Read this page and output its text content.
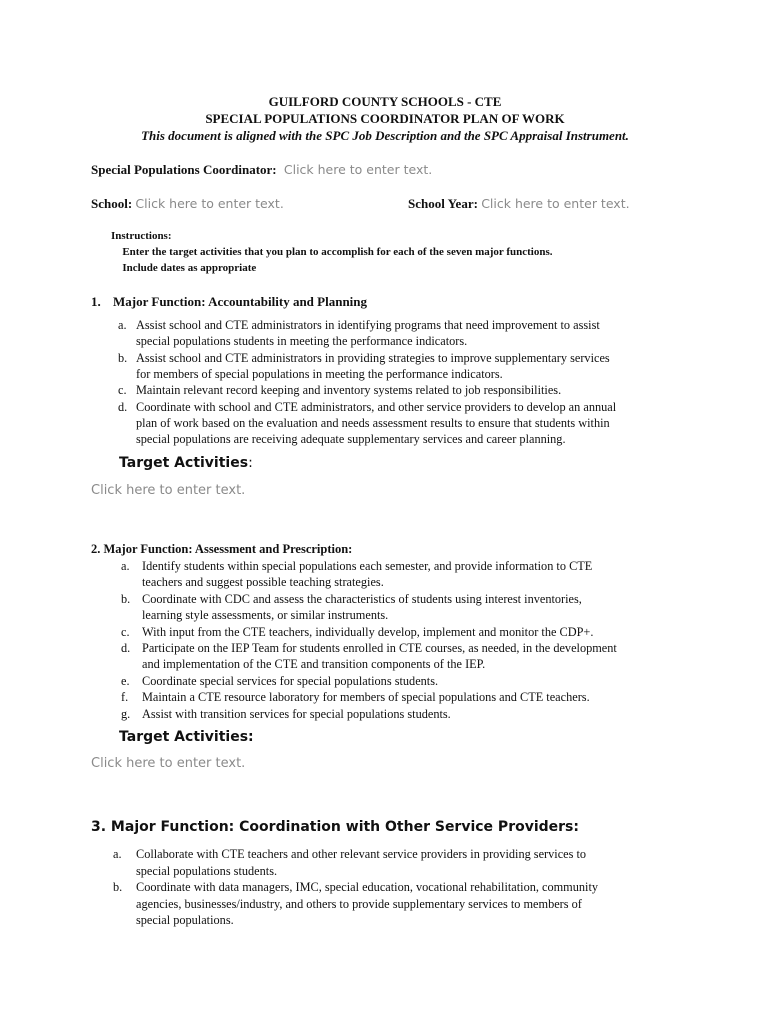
GUILFORD COUNTY SCHOOLS - CTE
SPECIAL POPULATIONS COORDINATOR PLAN OF WORK
This document is aligned with the SPC Job Description and the SPC Appraisal Instrument.
Special Populations Coordinator: Click here to enter text.
School: Click here to enter text.	School Year: Click here to enter text.
Instructions:
Enter the target activities that you plan to accomplish for each of the seven major functions.
Include dates as appropriate
1. Major Function: Accountability and Planning
a. Assist school and CTE administrators in identifying programs that need improvement to assist
special populations students in meeting the performance indicators.
b. Assist school and CTE administrators in providing strategies to improve supplementary services
for members of special populations in meeting the performance indicators.
c. Maintain relevant record keeping and inventory systems related to job responsibilities.
d. Coordinate with school and CTE administrators, and other service providers to develop an annual
plan of work based on the evaluation and needs assessment results to ensure that students within
special populations are receiving adequate supplementary services and career planning.
Target Activities:
Click here to enter text.
2. Major Function: Assessment and Prescription:
a. Identify students within special populations each semester, and provide information to CTE
teachers and suggest possible teaching strategies.
b. Coordinate with CDC and assess the characteristics of students using interest inventories,
learning style assessments, or similar instruments.
c. With input from the CTE teachers, individually develop, implement and monitor the CDP+.
d. Participate on the IEP Team for students enrolled in CTE courses, as needed, in the development
and implementation of the CTE and transition components of the IEP.
e. Coordinate special services for special populations students.
f. Maintain a CTE resource laboratory for members of special populations and CTE teachers.
g. Assist with transition services for special populations students.
Target Activities:
Click here to enter text.
3. Major Function: Coordination with Other Service Providers:
a. Collaborate with CTE teachers and other relevant service providers in providing services to
special populations students.
b. Coordinate with data managers, IMC, special education, vocational rehabilitation, community
agencies, businesses/industry, and others to provide supplementary services to members of
special populations.
